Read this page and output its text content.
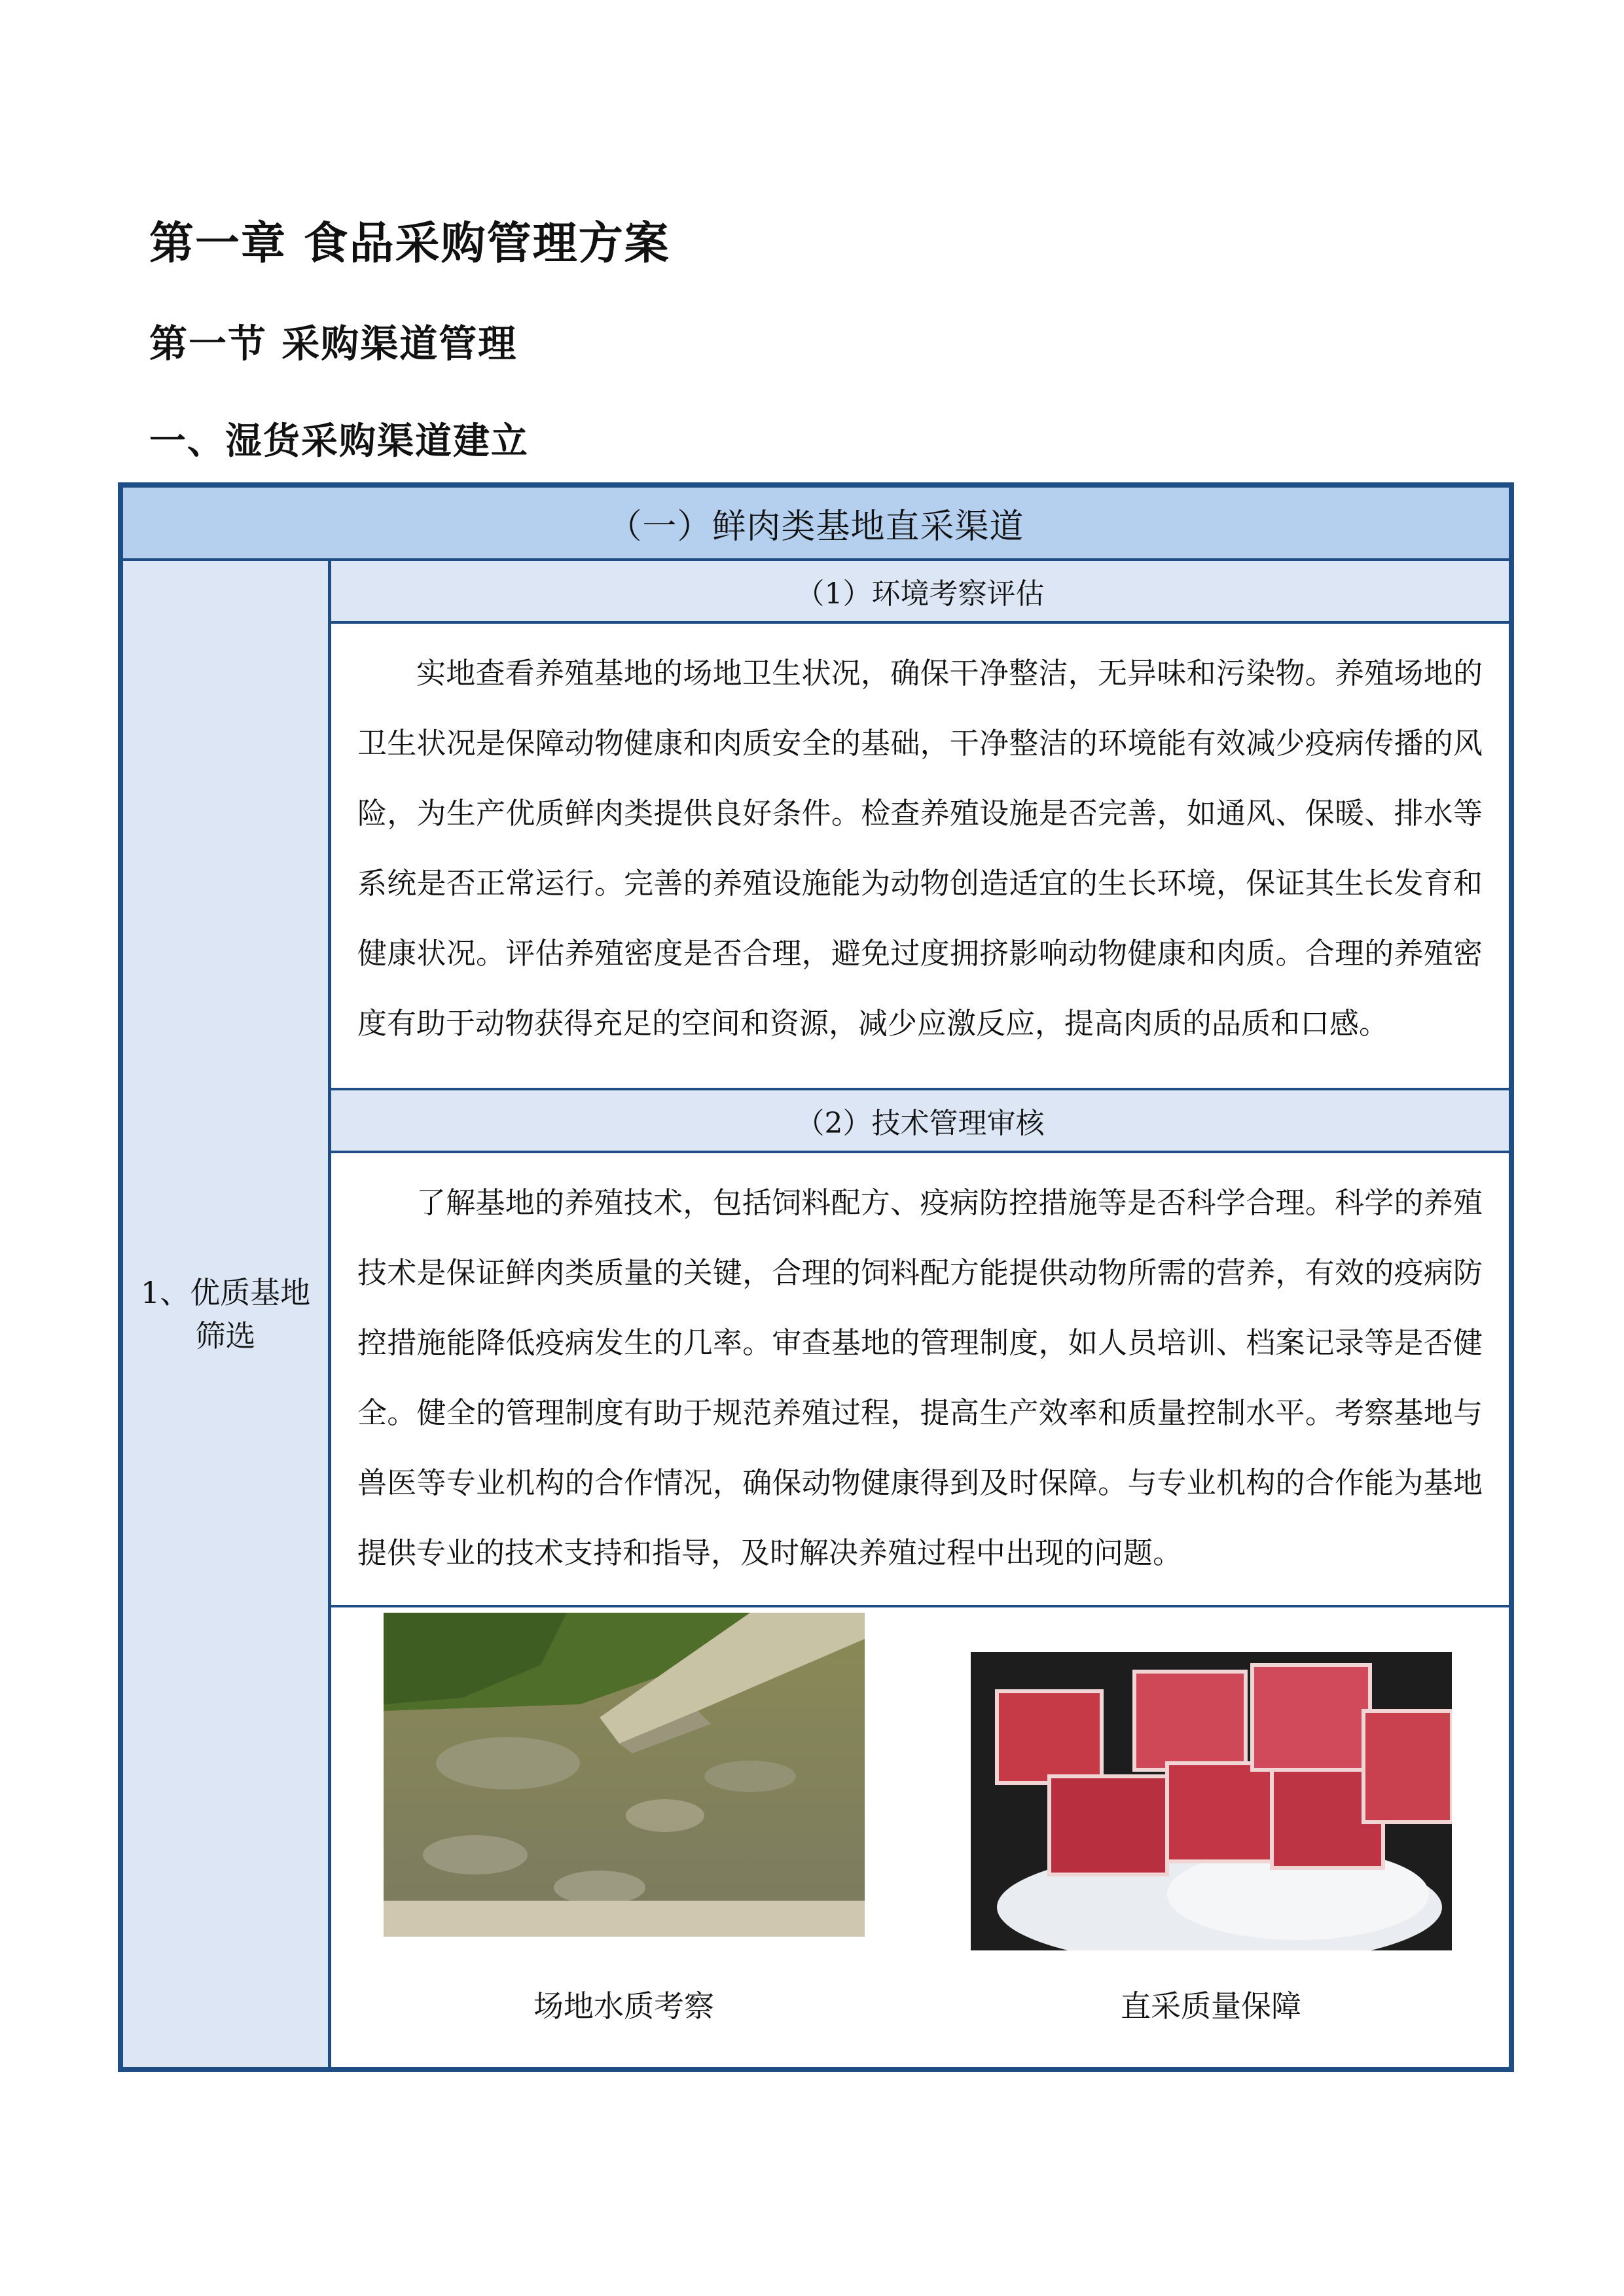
第一章 食品采购管理方案
第一节 采购渠道管理
一、湿货采购渠道建立
（一）鲜肉类基地直采渠道
1、优质基地筛选
（1）环境考察评估
实地查看养殖基地的场地卫生状况，确保干净整洁，无异味和污染物。养殖场地的卫生状况是保障动物健康和肉质安全的基础，干净整洁的环境能有效减少疫病传播的风险，为生产优质鲜肉类提供良好条件。检查养殖设施是否完善，如通风、保暖、排水等系统是否正常运行。完善的养殖设施能为动物创造适宜的生长环境，保证其生长发育和健康状况。评估养殖密度是否合理，避免过度拥挤影响动物健康和肉质。合理的养殖密度有助于动物获得充足的空间和资源，减少应激反应，提高肉质的品质和口感。
（2）技术管理审核
了解基地的养殖技术，包括饲料配方、疫病防控措施等是否科学合理。科学的养殖技术是保证鲜肉类质量的关键，合理的饲料配方能提供动物所需的营养，有效的疫病防控措施能降低疫病发生的几率。审查基地的管理制度，如人员培训、档案记录等是否健全。健全的管理制度有助于规范养殖过程，提高生产效率和质量控制水平。考察基地与兽医等专业机构的合作情况，确保动物健康得到及时保障。与专业机构的合作能为基地提供专业的技术支持和指导，及时解决养殖过程中出现的问题。
场地水质考察	直采质量保障
